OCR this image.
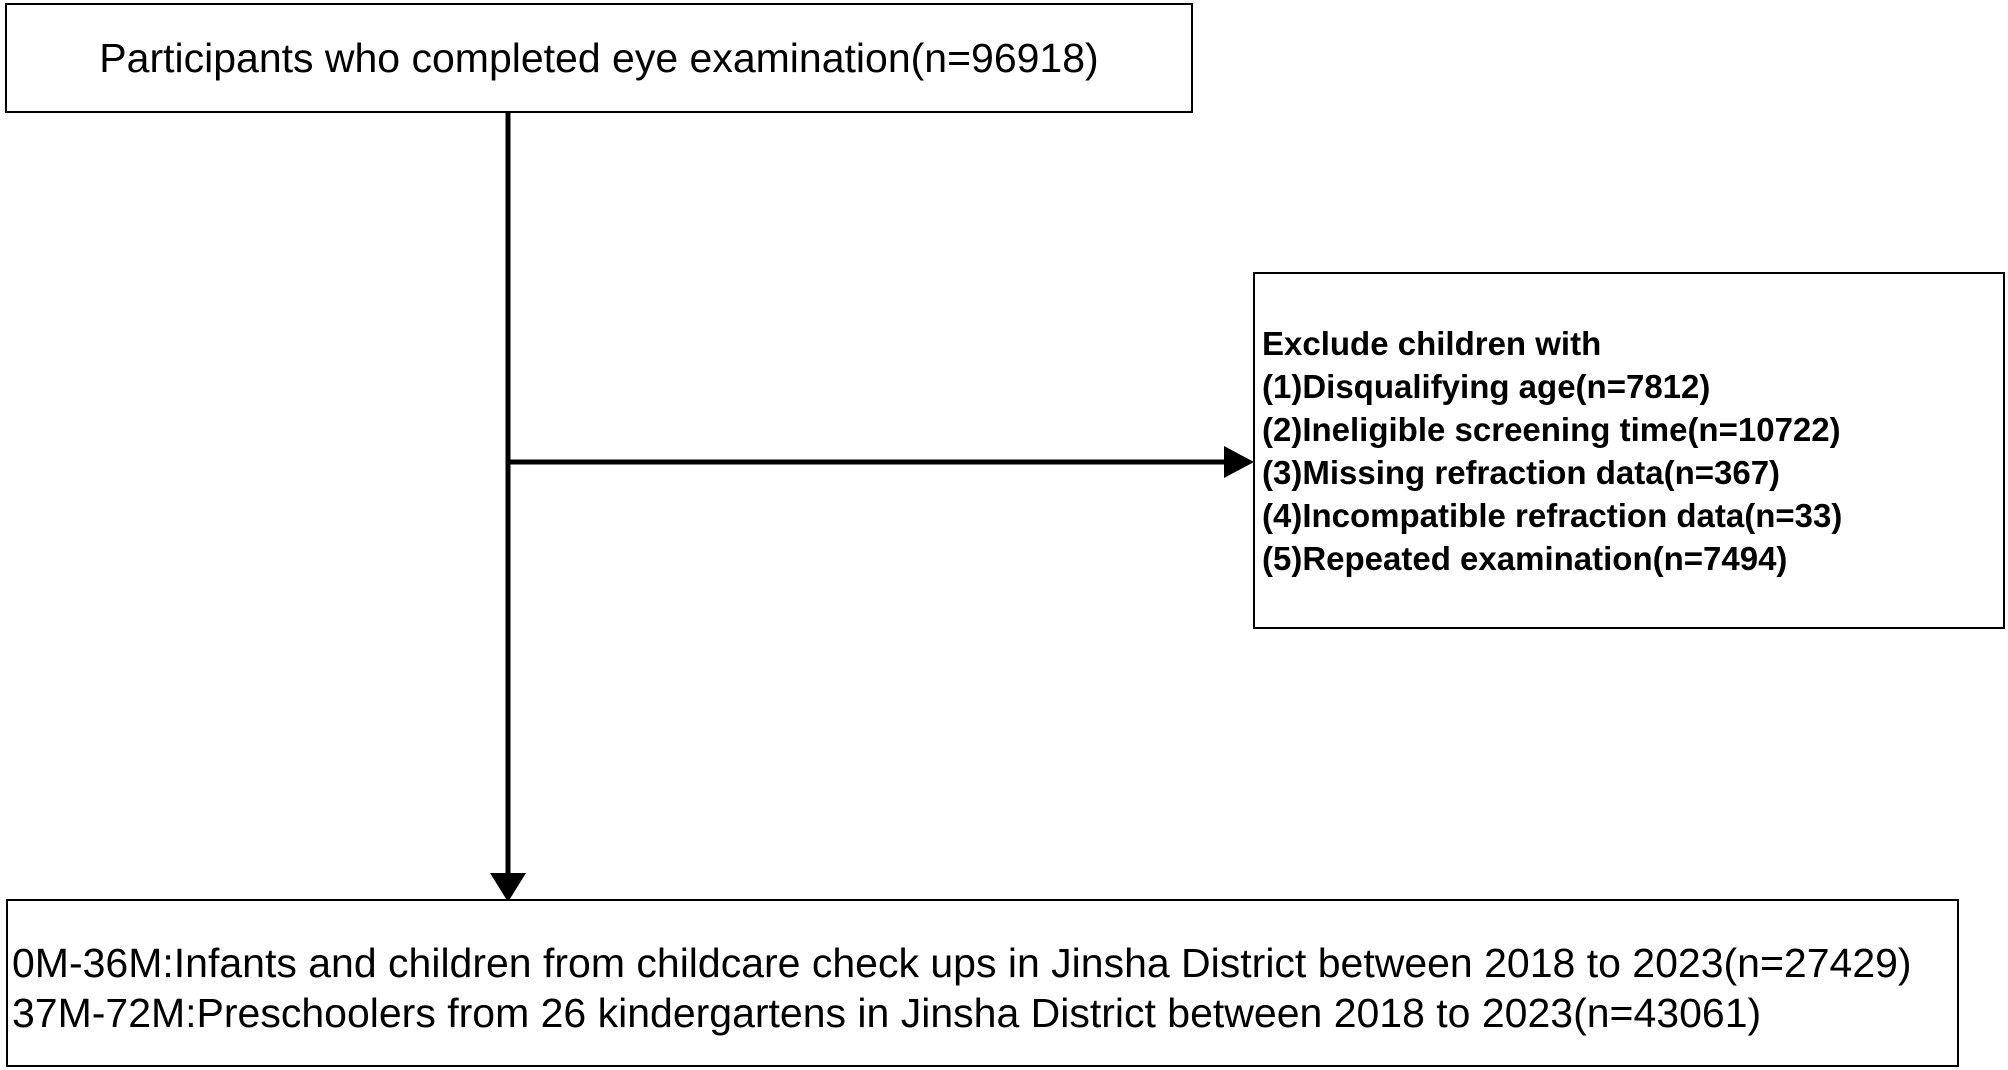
Participants who completed eye examination(n=96918)
Exclude children with
(1)Disqualifying age(n=7812)
(2)Ineligible screening time(n=10722)
(3)Missing refraction data(n=367)
(4)Incompatible refraction data(n=33)
(5)Repeated examination(n=7494)
0M-36M:Infants and children from childcare check ups in Jinsha District between 2018 to 2023(n=27429)
37M-72M:Preschoolers from 26 kindergartens in Jinsha District between 2018 to 2023(n=43061)
